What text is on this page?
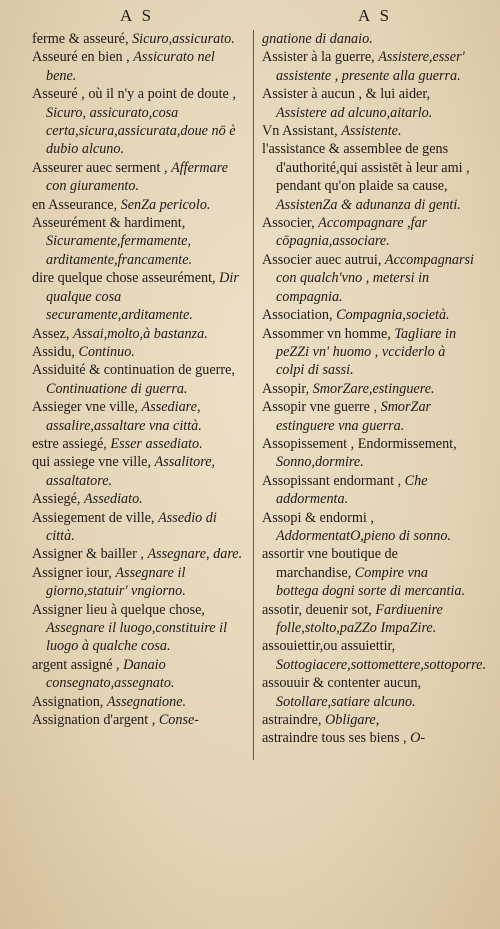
A S	A S

ferme & asseuré, Sicuro,assicurato.

Asseuré en bien , Assicurato nel bene.

Asseuré , où il n'y a point de doute , Sicuro, assicurato,cosa certa,sicura,assicurata,doue nō è dubio alcuno.

Asseurer auec serment , Affermare con giuramento.

en Asseurance, SenZa pericolo.

Asseurément & hardiment, Sicuramente,fermamente, arditamente,francamente.

dire quelque chose asseurément, Dir qualque cosa securamente,arditamente.

Assez, Assai,molto,à bastanza.

Assidu, Continuo.

Assiduité & continuation de guerre, Continuatione di guerra.

Assieger vne ville, Assediare, assalire,assaltare vna città.

estre assiegé, Esser assediato.

qui assiege vne ville, Assalitore, assaltatore.

Assiegé, Assediato.

Assiegement de ville, Assedio di città.

Assigner & bailler , Assegnare, dare.

Assigner iour, Assegnare il giorno,statuir' vngiorno.

Assigner lieu à quelque chose, Assegnare il luogo,constituire il luogo à qualche cosa.

argent assigné , Danaio consegnato,assegnato.

Assignation, Assegnatione.

Assignation d'argent , Conse-

gnatione di danaio.

Assister à la guerre, Assistere,esser' assistente , presente alla guerra.

Assister à aucun , & lui aider, Assistere ad alcuno,aitarlo.

Vn Assistant, Assistente.

l'assistance & assemblee de gens d'authorité,qui assistēt à leur ami , pendant qu'on plaide sa cause, AssistenZa & adunanza di genti.

Associer, Accompagnare ,far cōpagnia,associare.

Associer auec autrui, Accompagnarsi con qualch'vno , metersi in compagnia.

Association, Compagnia,società.

Assommer vn homme, Tagliare in peZZi vn' huomo , vcciderlo à colpi di sassi.

Assopir, SmorZare,estinguere.

Assopir vne guerre , SmorZar estinguere vna guerra.

Assopissement , Endormissement, Sonno,dormire.

Assopissant endormant , Che addormenta.

Assopi & endormi , AddormentatO,pieno di sonno.

assortir vne boutique de marchandise, Compire vna bottega dogni sorte di mercantia.

assotir, deuenir sot, Fardiuenire folle,stolto,paZZo ImpaZire.

assouiettir,ou assuiettir, Sottogiacere,sottomettere,sottoporre.

assouuir & contenter aucun, Sotollare,satiare alcuno.

astraindre, Obligare,

astraindre tous ses biens , O-
